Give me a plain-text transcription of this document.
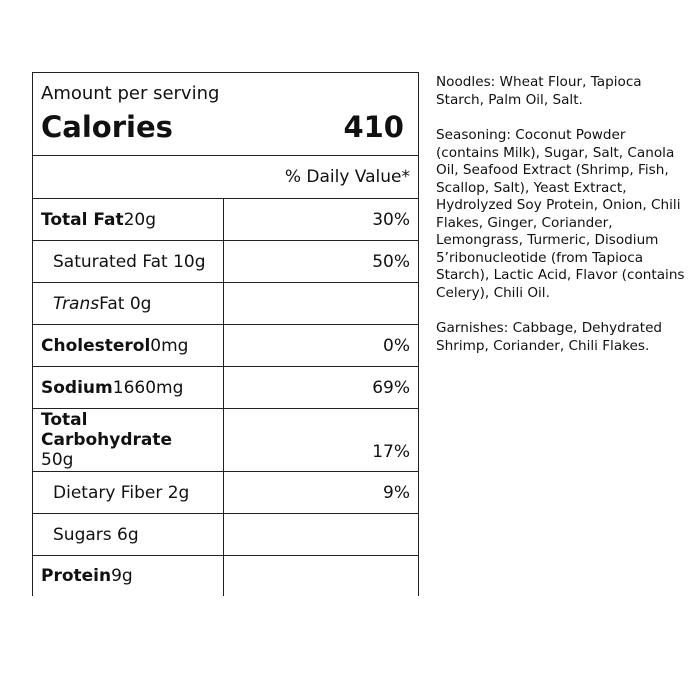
Amount per serving
Calories	410
% Daily Value*
Total Fat 20g	30%
Saturated Fat 10g	50%
Trans Fat 0g
Cholesterol 0mg	0%
Sodium 1660mg	69%
Total Carbohydrate
50g	17%
Dietary Fiber 2g	9%
Sugars 6g
Protein 9g

Noodles: Wheat Flour, Tapioca Starch, Palm Oil, Salt.

Seasoning: Coconut Powder (contains Milk), Sugar, Salt, Canola Oil, Seafood Extract (Shrimp, Fish, Scallop, Salt), Yeast Extract, Hydrolyzed Soy Protein, Onion, Chili Flakes, Ginger, Coriander, Lemongrass, Turmeric, Disodium 5’ribonucleotide (from Tapioca Starch), Lactic Acid, Flavor (contains Celery), Chili Oil.

Garnishes: Cabbage, Dehydrated Shrimp, Coriander, Chili Flakes.
